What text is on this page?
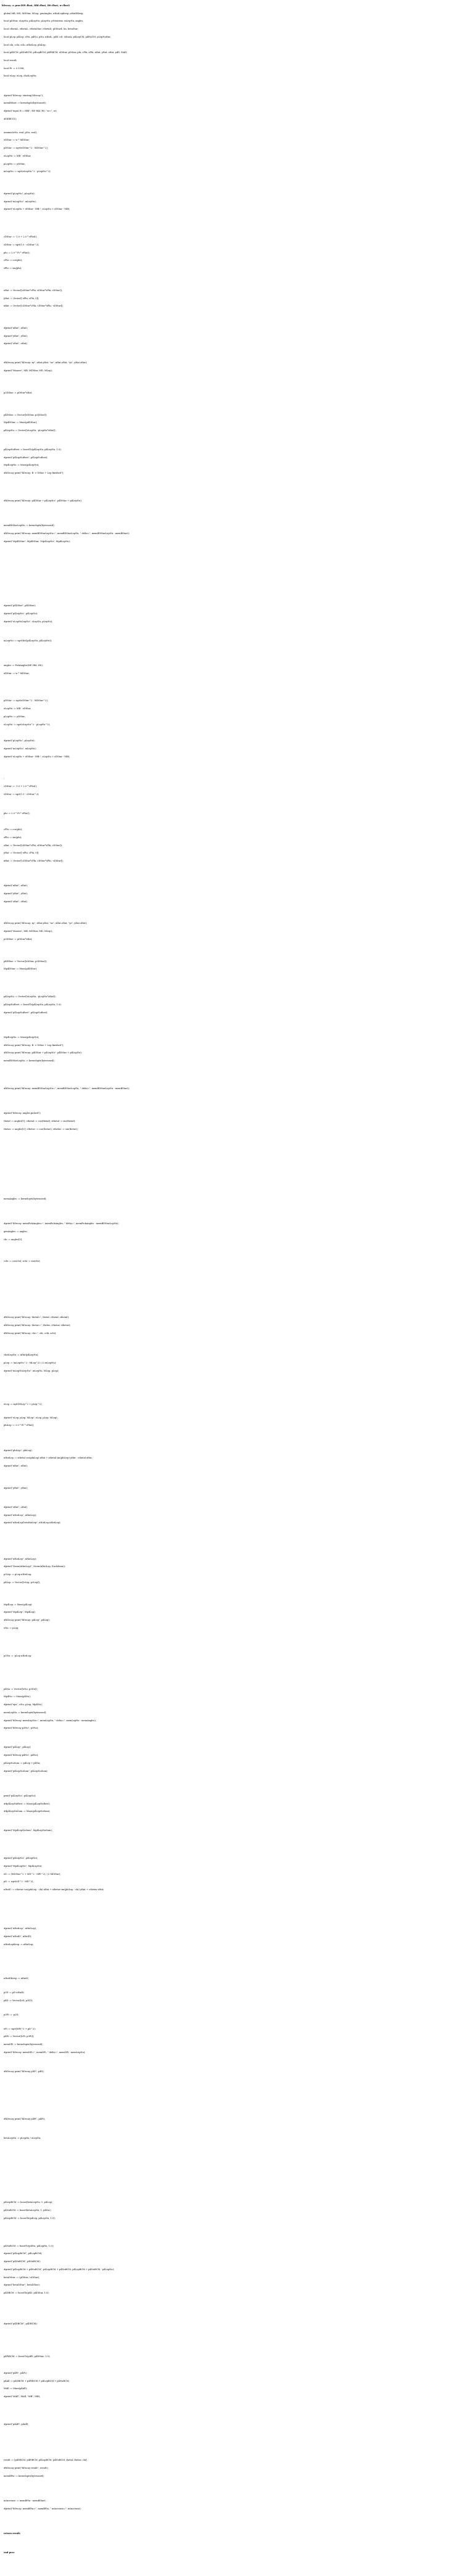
bDecay := proc(HP::float, Hbl::float, H0::float, w::float)
global MB, MD, MDStar, MLep, genAngles, nHatLepKeep, nHatDKeep;
local pDStar, eLepNu, p4LepNu, pLepNu, pNeutrino, mLepNu, angles;
local cthetaL, sthetaL, cthetaStar, cthetaD, pDStar4, lm, betaStar;
local pLep, p4Lep, eNu, p4Nu, pNu, nHatL, p4D, eD, eStarA, p4LepCM, p4NuCM, pLepNuHat;
local chi, cchi, schi, nHatLep, phiLep;
local p4DCM, p4NuBCM, p4LepBCM, p4PiBCM, eDStar, pDStar, phi, cPhi, sPhi, xHat, yHat, zHat, p4D, MAll;
local result;
local Pi := 0.1396;
local eLep, eLep, chatLepNu;
#print("bDecay: starting bDecay");
memBStart := kernelopts(bytesused);
#print("input H = HBI", HP, Hbl, H0, "w=", w);
#DEBUG();
assume(eNu, real, pNu, real);
eDStar := w * MDStar;
pDStar := sqrt(eDStar^2 - MDStar^2);
eLepNu := MB - eDStar;
pLepNu := pDStar;
mLepNu := sqrt(eLepNu^2 - pLepNu^2);
#print("pLepNu", pLepNu);
#print("mLepNu", mLepNu);
#print("eLepNu + eDStar - MB:", eLepNu + eDStar - MB);
cDStar := -1.0 + 2.0 * rFlat();
sDStar := sqrt(1.0 - cDStar^2);
phi := 2.0 * Pi * rFlat();
cPhi := cos(phi);
sPhi := sin(phi);
zHat := Vector([sDStar*cPhi, sDStar*sPhi, cDStar]);
yHat := Vector([-sPhi, cPhi, 0]);
xHat := Vector([cDStar*cPhi, cDStar*sPhi, -sDStar]);
#print("xHat", xHat);
#print("yHat", yHat);
#print("zHat", zHat);
#bDecay print("bDecay: xy", xHat.yHat, "xz", xHat.zHat, "yz", yHat.zHat);
#print("Masses", MB, MDStar, MD, MLep);
p3DStar := pDStar*zHat;
p4DStar := Vector([eDStar, p3DStar]);
Mp4DStar := Mass(p4DStar);
p4LepNu := Vector([eLepNu, -pLepNu*zHat]);
p4LepNuRest := boostTo(p4LepNu, p4LepNu, 1.0);
#print("p4LepNuRest", p4LepNuRest);
Mp4LepNu := Mass(p4LepNu);
#bDecay print("bDecay: B -> DStar + Lep finished");
#bDecay print("bDecay: p4DStar + p4LepNu", p4DStar + p4LepNu);
memBDStarLepNu := kernelopts(bytesused);
#bDecay print("bDecay: memBDStarLepNu=", memBDStarLepNu, " delta=", memBDStarLepNu - memBStart);
#print("Mp4DStar", Mp4DStar, "Mp4LepNu", Mp4LepNu);
#print("p4DStar", p4DStar);
#print("p4LepNu", p4LepNu);
#print("eLepNuLepNu", eLepNu, pLepNu);
mLepNu := sqrt(dot(p4LepNu, p4LepNu));
angles := PickAngles(HP, Hbl, H0);
eDStar := w * MDStar;
pDStar := sqrt(eDStar^2 - MDStar^2);
eLepNu := MB - eDStar;
pLepNu := pDStar;
eLepNu := sqrt(eLepNu^2 - pLepNu^2);
#print("pLepNu", pLepNu);
#print("mLepNu", mLepNu);
#print("eLepNu + eDStar - MB:", eLepNu + eDStar - MB);
;
cDStar := -1.0 + 2.0 * rFlat();
sDStar := sqrt(1.0 - cDStar^2);
phi := 2.0 * Pi * rFlat();
cPhi := cos(phi);
sPhi := sin(phi);
zHat := Vector([sDStar*cPhi, sDStar*sPhi, cDStar]);
yHat := Vector([-sPhi, cPhi, 0]);
xHat := Vector([cDStar*cPhi, cDStar*sPhi, -sDStar]);
#print("xHat", xHat);
#print("yHat", yHat);
#print("zHat", zHat);
#bDecay print("bDecay: xy", xHat.yHat, "xz", xHat.zHat, "yz", yHat.zHat);
#print("Masses", MB, MDStar, MD, MLep);
p3DStar := pDStar*zHat;
p4DStar := Vector([eDStar, p3DStar]);
Mp4DStar := Mass(p4DStar);
p4LepNu := Vector([eLepNu, -pLepNu*zHat]);
p4LepNuRest := boostTo(p4LepNu, p4LepNu, 1.0);
#print("p4LepNuRest", p4LepNuRest);
Mp4LepNu := Mass(p4LepNu);
#bDecay print("bDecay: B -> DStar + Lep finished");
#bDecay print("bDecay: p4DStar + p4LepNu", p4DStar + p4LepNu);
memBDStarLepNu := kernelopts(bytesused);
#bDecay print("bDecay: memBDStarLepNu=", memBDStarLepNu, " delta=", memBDStarLepNu - memBStart);
#print("bDecay: angles picked");
thetal := angles[1]; cthetal := cos(thetal); sthetal := sin(thetal);
thetav := angles[2]; cthetav := cos(thetav); sthetav := sin(thetav);
memAngles := kernelopts(bytesused);
#print("bDecay: memPickAngles=", memPickAngles, " delta=", memPickAngles - memBDStarLepNu);
genAngles := angles;
chi := angles[3];
cchi := cos(chi); schi := sin(chi);
#bDecay print("bDecay: thetal=", thetal, cthetal, sthetal);
#bDecay print("bDecay: thetav=", thetav, cthetav, sthetav);
#bDecay print("bDecay: chi=", chi, cchi, schi);
chatLepNu := nHat(p4LepNu);
pLep := (mLepNu^2 - MLep^2) / (2 mLepNu);
#print("mLepNuLepNu", mLepNu, MLep, pLep);
eLep := sqrt(MLep^2 + pLep^2);
#print("eLep, pLep, MLep", eLep, pLep, MLep);
phiLep := 2.0 * Pi * rFlat();
#print("phiLep", phiLep);
nHatLep := sthetal cos(phiLep) xHat + sthetal sin(phiLep) yHat - cthetal zHat;
#print("xHat", xHat);
#print("yHat", yHat);
#print("zHat", zHat);
#print("nHatLep", nHatLep);
#print("nHatLepDotnHatLep", nHatLep.nHatLep);
#print("nHatLep", nHatLep);
#print("Norm(nHatLep)", Norm(nHatLep, Euclidean));
p3Lep := pLep nHatLep;
p4Lep := Vector([eLep, p3Lep]);
Mp4Lep := Mass(p4Lep);
#print("Mp4Lep", Mp4Lep);
#bDecay print("bDecay: p4Lep", p4Lep);
eNu := pLep;
p3Nu := -pLep nHatLep;
p4Nu := Vector([eNu, p3Nu]);
Mp4Nu := Mass(p4Nu);
#print("eps", eNu, pLep, Mp4Nu);
memLepNu := kernelopts(bytesused);
#print("bDecay: memLepNu=", memLepNu, " delta=", memLepNu - memAngles);
#print("bDecay p3Nu", p3Nu);
#print("p4Lep", p4Lep);
#print("bDecay p4Nu", p4Nu);
p4LepNuSum := p4Lep + p4Nu;
#print("p4LepNuSum", p4LepNuSum);
print("p4LepNu", p4LepNu);
#dp4LepNuRest := Mass(p4LepNuRest);
#dp4LepNuSum := Mass(p4LepNuSum);
#print("Mp4LepNuSum", Mp4LepNuSum);
#print("p4LepNu", p4LepNu);
#print("Mp4LepNu", Mp4LepNu);
eD := (MDStar^2 + MD^2 - MPi^2) / (2 MDStar);
pD := sqrt(eD^2 - MD^2);
nHatD := cthetav cos(phiLep - chi) xHat + sthetav sin(phiLep - chi) yHat + cthetav zHat;
#print("nHatLep", nHatLep);
#print("nHatD", nHatD);
nHatLepKeep := nHatLep;
nHatDKeep := nHatD;
p3D := pD nHatD;
p4D := Vector([eD, p3D]);
p3Pi := -p3D;
ePi := sqrt(MPi^2 + pD^2);
p4Pi := Vector([ePi, p3Pi]);
memDPi := kernelopts(bytesused);
#print("bDecay: memDPi=", memDPi, " delta=", memDPi - memLepNu);
#bDecay print("bDecay p4D", p4D);
#bDecay print("bDecay p4Pi", p4Pi);
betaLepNu := pLepNu / eLepNu;
p4LepBCM := boost(betaLepNu, 1, p4Lep);
p4NuBCM := boost(betaLepNu, 1, p4Nu);
p4LepBCM := boostTo(p4Lep, p4LepNu, 1.0);
p4NuBCM := boostTo(p4Nu, p4LepNu, 1.0);
#print("p4LepBCM", p4LepBCM);
#print("p4NuBCM", p4NuBCM);
#print("p4LepBCM + p4NuBCM", p4LepBCM + p4NuBCM, p4LepBCM + p4NuBCM - p4LepNu);
betaDStar := (pDStar / eDStar);
#print("betaDStar", betaDStar);
p4DBCM := boostTo(p4D, p4DStar, 1.0);
#print("p4DBCM", p4DBCM);
p4PiBCM := boostTo(p4Pi, p4DStar, 1.0);
#print("p4Pi", p4Pi);
p4All := p4DBCM + p4PiBCM + p4LepBCM + p4NuBCM;
MAll := Mass(p4All);
#print("MAll", MAll, "MB", MB);
#print("p4All", p4All);
result := [p4DBCM, p4PiBCM, p4LepBCM, p4NuBCM, thetal, thetav, chi];
#bDecay print("bDecay result", result);
memBFin := kernelopts(bytesused);
mIncrease := memBFin - memBStart;
#print("bDecay: memBFin=", memBFin, " mIncrease=", mIncrease);
return result;
end proc
